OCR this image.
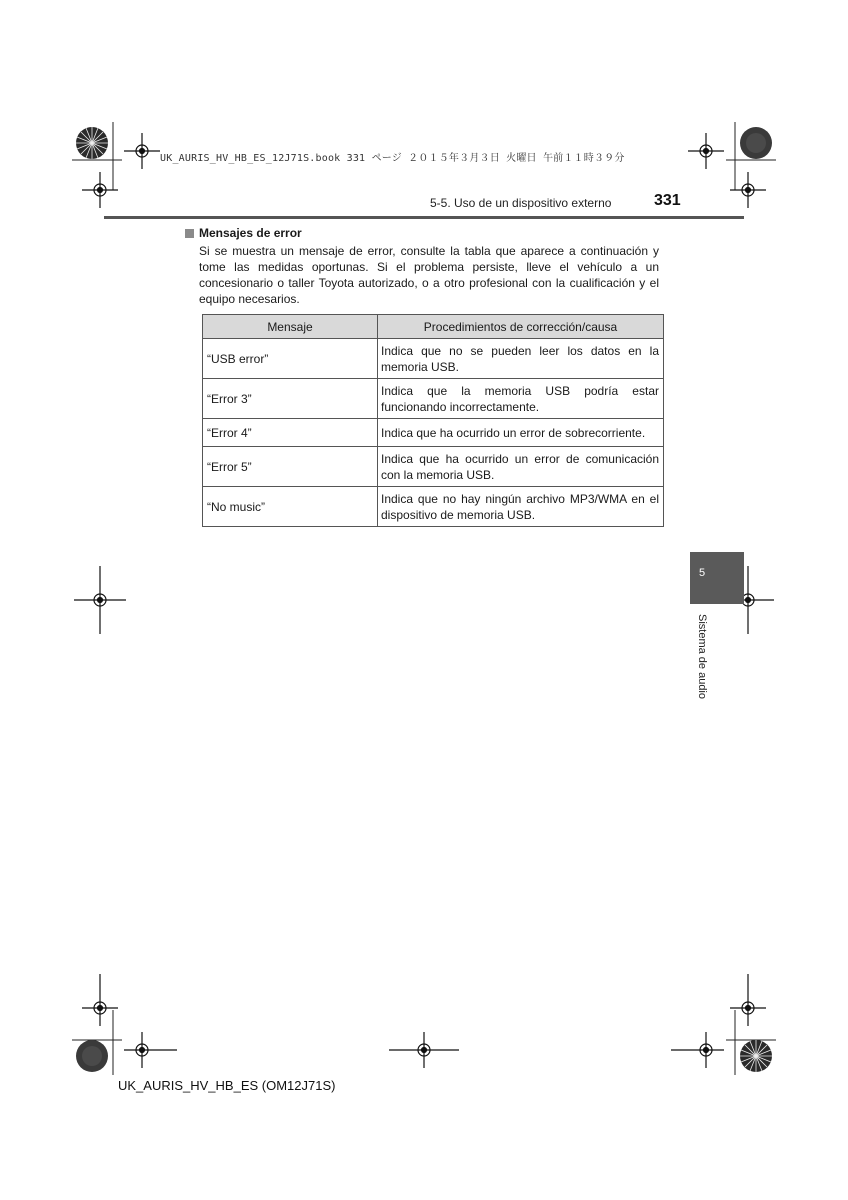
UK_AURIS_HV_HB_ES_12J71S.book 331 ページ ２０１５年３月３日 火曜日 午前１１時３９分
5-5. Uso de un dispositivo externo	331
Mensajes de error

Si se muestra un mensaje de error, consulte la tabla que aparece a continuación y tome las medidas oportunas. Si el problema persiste, lleve el vehículo a un concesionario o taller Toyota autorizado, o a otro profesional con la cualificación y el equipo necesarios.

Mensaje	Procedimientos de corrección/causa
“USB error”	Indica que no se pueden leer los datos en la memoria USB.
“Error 3”	Indica que la memoria USB podría estar funcionando incorrectamente.
“Error 4”	Indica que ha ocurrido un error de sobrecorriente.
“Error 5”	Indica que ha ocurrido un error de comunicación con la memoria USB.
“No music”	Indica que no hay ningún archivo MP3/WMA en el dispositivo de memoria USB.
5
Sistema de audio
UK_AURIS_HV_HB_ES (OM12J71S)
